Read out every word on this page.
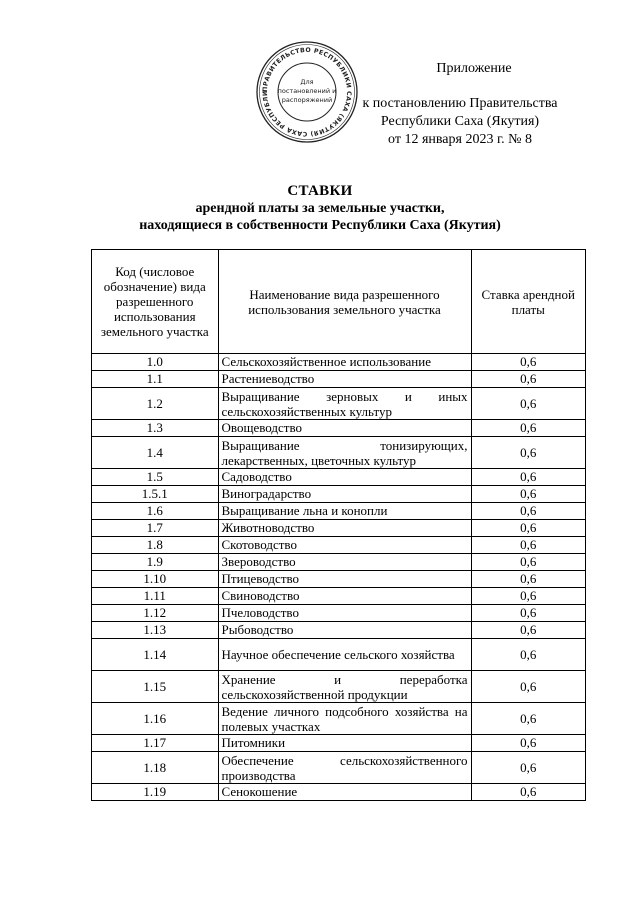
ПРАВИТЕЛЬСТВО РЕСПУБЛИКИ САХА (ЯКУТИЯ) САХА РЕСПУБЛИ
Для
постановлений и
распоряжений
Приложение
к постановлению Правительства
Республики Саха (Якутия)
от 12 января 2023 г. № 8
СТАВКИ
арендной платы за земельные участки,
находящиеся в собственности Республики Саха (Якутия)
Код (числовое обозначение) вида разрешенного использования земельного участка	Наименование вида разрешенного использования земельного участка	Ставка арендной платы
1.0	Сельскохозяйственное использование	0,6
1.1	Растениеводство	0,6
1.2	Выращивание зерновых и иных сельскохозяйственных культур	0,6
1.3	Овощеводство	0,6
1.4	Выращивание тонизирующих, лекарственных, цветочных культур	0,6
1.5	Садоводство	0,6
1.5.1	Виноградарство	0,6
1.6	Выращивание льна и конопли	0,6
1.7	Животноводство	0,6
1.8	Скотоводство	0,6
1.9	Звероводство	0,6
1.10	Птицеводство	0,6
1.11	Свиноводство	0,6
1.12	Пчеловодство	0,6
1.13	Рыбоводство	0,6
1.14	Научное обеспечение сельского хозяйства	0,6
1.15	Хранение и переработка сельскохозяйственной продукции	0,6
1.16	Ведение личного подсобного хозяйства на полевых участках	0,6
1.17	Питомники	0,6
1.18	Обеспечение сельскохозяйственного производства	0,6
1.19	Сенокошение	0,6
